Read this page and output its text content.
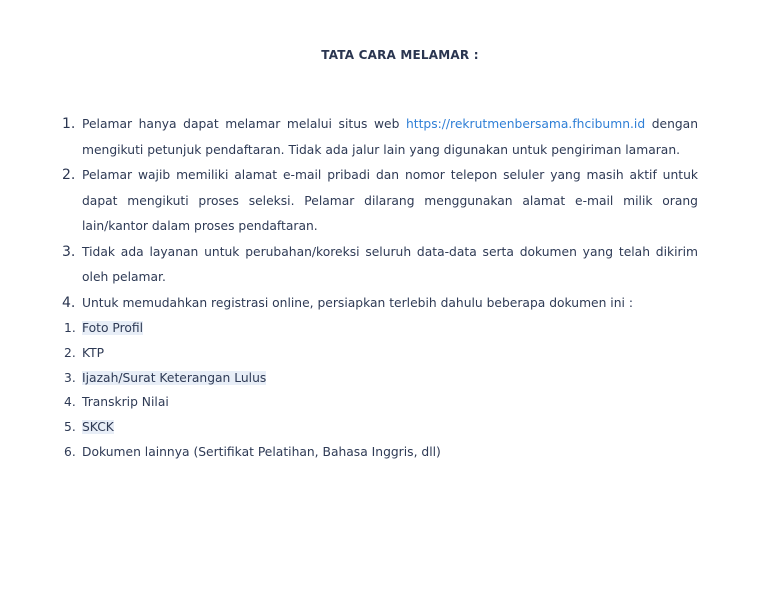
TATA CARA MELAMAR :
1. Pelamar hanya dapat melamar melalui situs web https://rekrutmenbersama.fhcibumn.id dengan mengikuti petunjuk pendaftaran. Tidak ada jalur lain yang digunakan untuk pengiriman lamaran.
2. Pelamar wajib memiliki alamat e-mail pribadi dan nomor telepon seluler yang masih aktif untuk dapat mengikuti proses seleksi. Pelamar dilarang menggunakan alamat e-mail milik orang lain/kantor dalam proses pendaftaran.
3. Tidak ada layanan untuk perubahan/koreksi seluruh data-data serta dokumen yang telah dikirim oleh pelamar.
4. Untuk memudahkan registrasi online, persiapkan terlebih dahulu beberapa dokumen ini :
1. Foto Profil
2. KTP
3. Ijazah/Surat Keterangan Lulus
4. Transkrip Nilai
5. SKCK
6. Dokumen lainnya (Sertifikat Pelatihan, Bahasa Inggris, dll)
